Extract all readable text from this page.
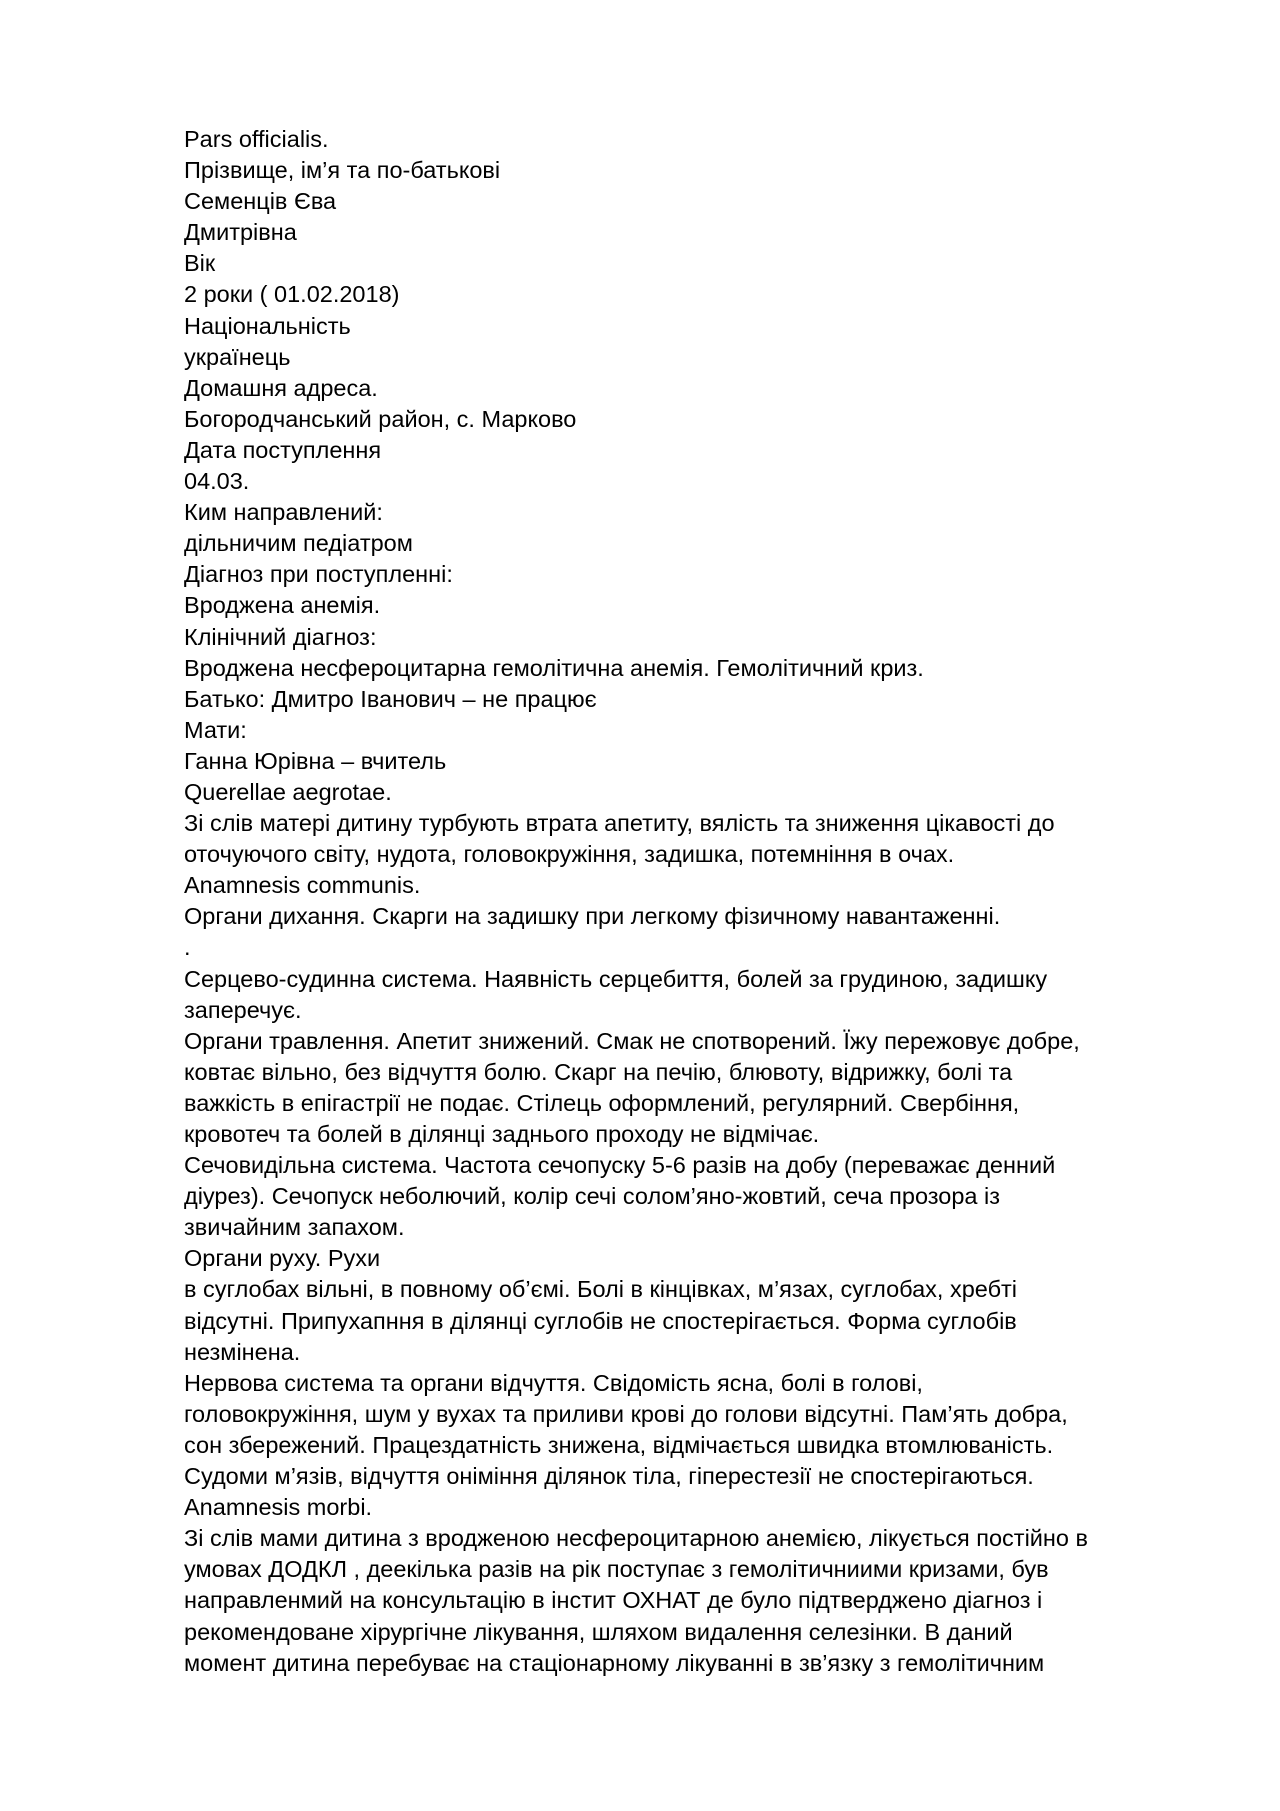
Pars officialis.
Прізвище, ім’я та по-батькові
Семенців Єва
Дмитрівна
Вік
2 роки ( 01.02.2018)
Національність
українець
Домашня адреса.
Богородчанський район, с. Марково
Дата поступлення
04.03.
Ким направлений:
дільничим педіатром
Діагноз при поступленні:
Вроджена анемія.
Клінічний діагноз:
Вроджена несфероцитарна гемолітична анемія. Гемолітичний криз.
Батько: Дмитро Іванович – не працює
Мати:
Ганна Юрівна – вчитель
Querellae aegrotae.
Зі слів матері дитину турбують втрата апетиту, вялість та зниження цікавості до
оточуючого світу, нудота, головокружіння, задишка, потемніння в очах.
Anamnesis communis.
Органи дихання. Скарги на задишку при легкому фізичному навантаженні.
.
Серцево-судинна система. Наявність серцебиття, болей за грудиною, задишку
заперечує.
Органи травлення. Апетит знижений. Смак не спотворений. Їжу пережовує добре,
ковтає вільно, без відчуття болю. Скарг на печію, блювоту, відрижку, болі та
важкість в епігастрії не подає. Стілець оформлений, регулярний. Свербіння,
кровотеч та болей в ділянці заднього проходу не відмічає.
Сечовидільна система. Частота сечопуску 5-6 разів на добу (переважає денний
діурез). Сечопуск неболючий, колір сечі солом’яно-жовтий, сеча прозора із
звичайним запахом.
Органи руху. Рухи
в суглобах вільні, в повному об’ємі. Болі в кінцівках, м’язах, суглобах, хребті
відсутні. Припухапння в ділянці суглобів не спостерігається. Форма суглобів
незмінена.
Нервова система та органи відчуття. Свідомість ясна, болі в голові,
головокружіння, шум у вухах та приливи крові до голови відсутні. Пам’ять добра,
сон збережений. Працездатність знижена, відмічається швидка втомлюваність.
Судоми м’язів, відчуття оніміння ділянок тіла, гіперестезії не спостерігаються.
Anamnesis morbi.
Зі слів мами дитина з вродженою несфероцитарною анемією, лікується постійно в
умовах ДОДКЛ , деекілька разів на рік поступає з гемолітичниими кризами, був
направленмий на консультацію в інстит ОХНАТ де було підтверджено діагноз і
рекомендоване хірургічне лікування, шляхом видалення селезінки. В даний
момент дитина перебуває на стаціонарному лікуванні в зв’язку з гемолітичним
